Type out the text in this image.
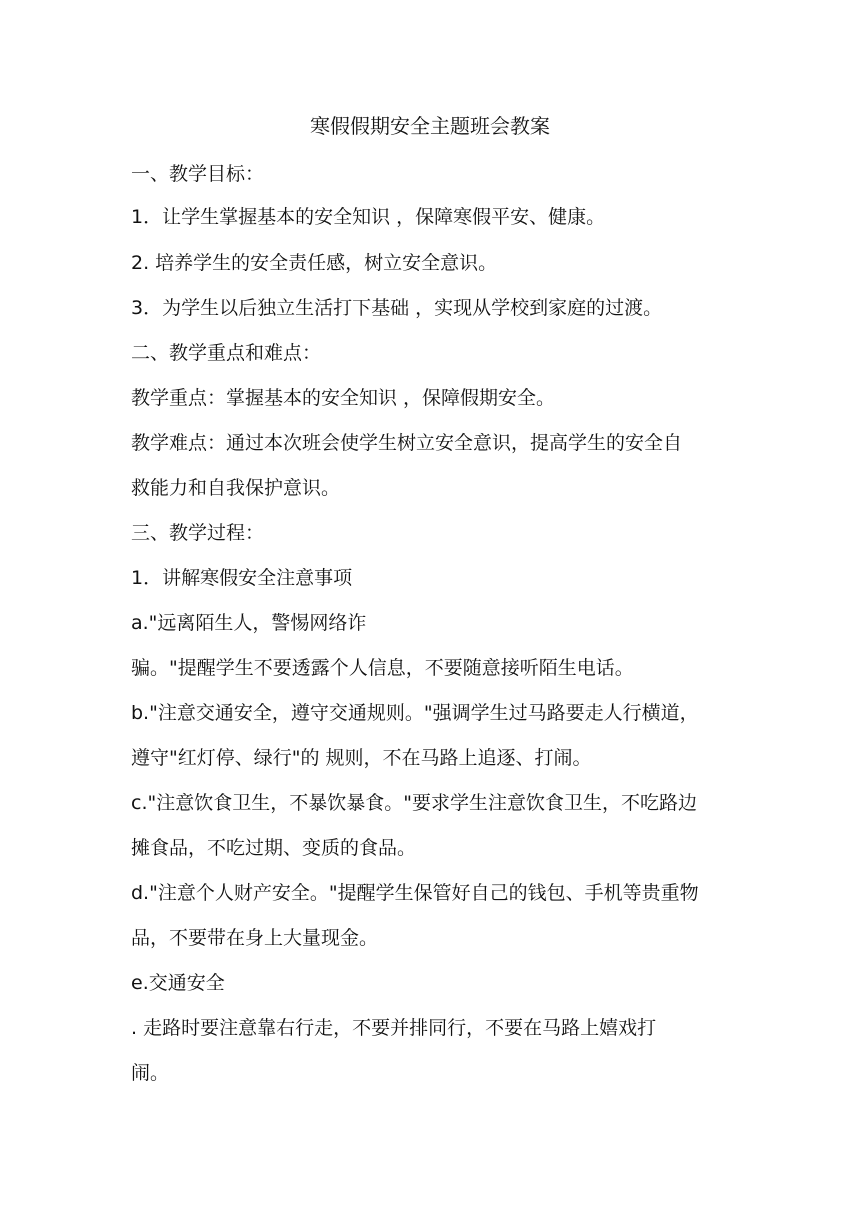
寒假假期安全主题班会教案
一、教学目标：
1．让学生掌握基本的安全知识 ，保障寒假平安、健康。
2. 培养学生的安全责任感，树立安全意识。
3．为学生以后独立生活打下基础 ，实现从学校到家庭的过渡。
二、教学重点和难点：
教学重点：掌握基本的安全知识 ，保障假期安全。
教学难点：通过本次班会使学生树立安全意识，提高学生的安全自
救能力和自我保护意识。
三、教学过程：
1．讲解寒假安全注意事项
a."远离陌生人，警惕网络诈
骗。"提醒学生不要透露个人信息，不要随意接听陌生电话。
b."注意交通安全，遵守交通规则。"强调学生过马路要走人行横道，
遵守"红灯停、绿行"的 规则，不在马路上追逐、打闹。
c."注意饮食卫生，不暴饮暴食。"要求学生注意饮食卫生，不吃路边
摊食品，不吃过期、变质的食品。
d."注意个人财产安全。"提醒学生保管好自己的钱包、手机等贵重物
品，不要带在身上大量现金。
e.交通安全
. 走路时要注意靠右行走，不要并排同行，不要在马路上嬉戏打
闹。
